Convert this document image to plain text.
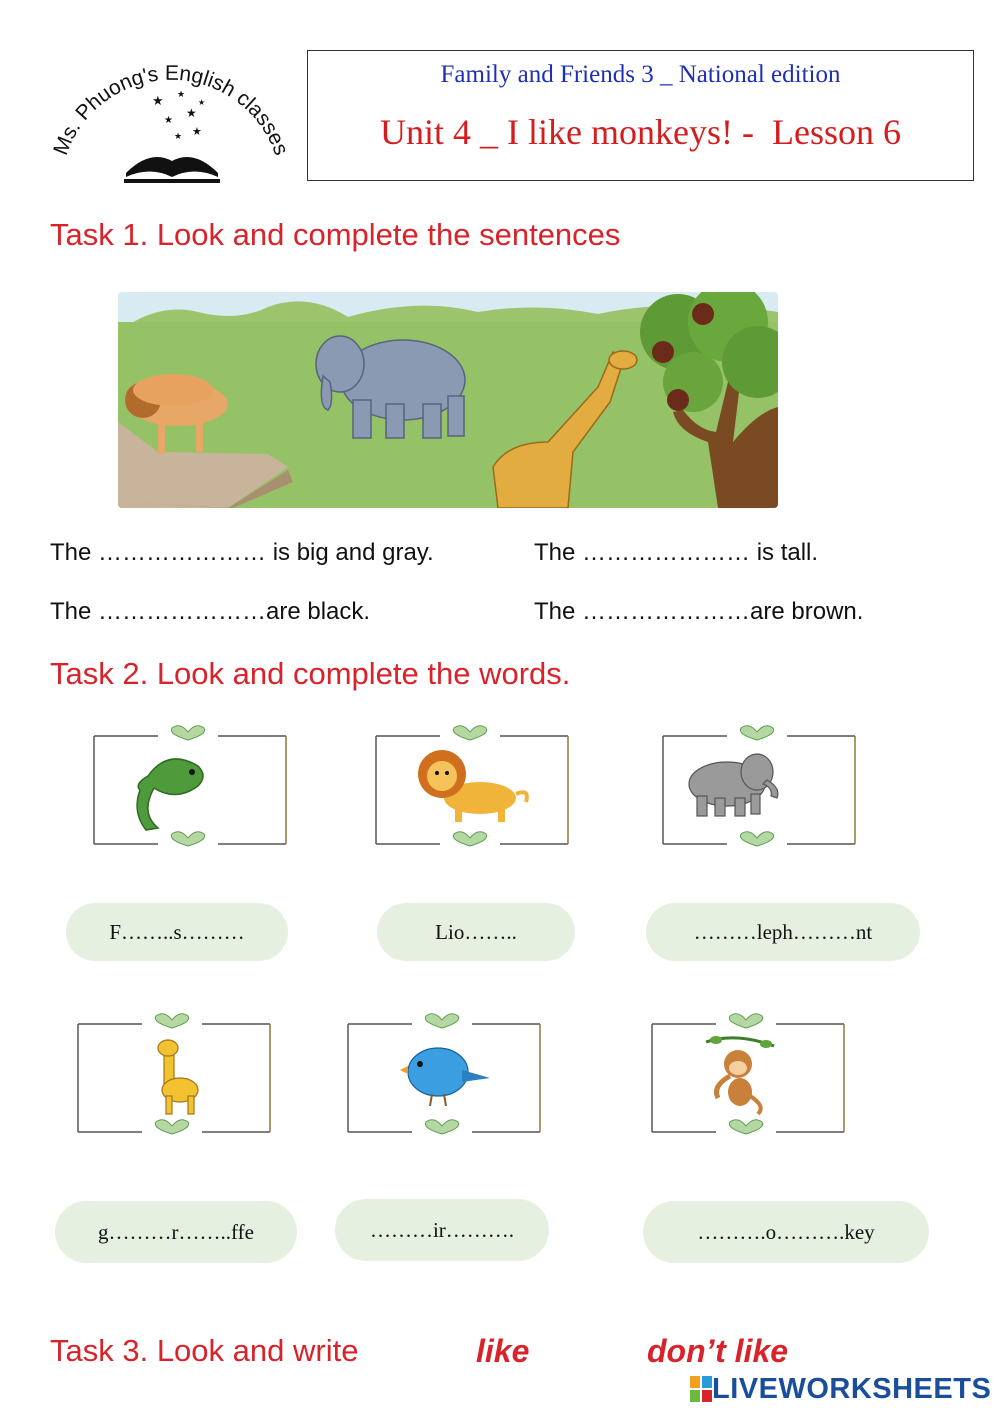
Ms. Phuong's English classes
★ ★
★
★
★
★ ★
Family and Friends 3 _ National edition
Unit 4 _ I like monkeys! -  Lesson 6
Task 1. Look and complete the sentences
The ………………… is big and gray.	The ………………… is tall.
The …………………are black.	The …………………are brown.
Task 2. Look and complete the words.
F……..s………	Lio……..	………leph………nt
g………r……..ffe	………ir……….	……….o……….key
Task 3. Look and write	like	don’t like
LIVEWORKSHEETS
